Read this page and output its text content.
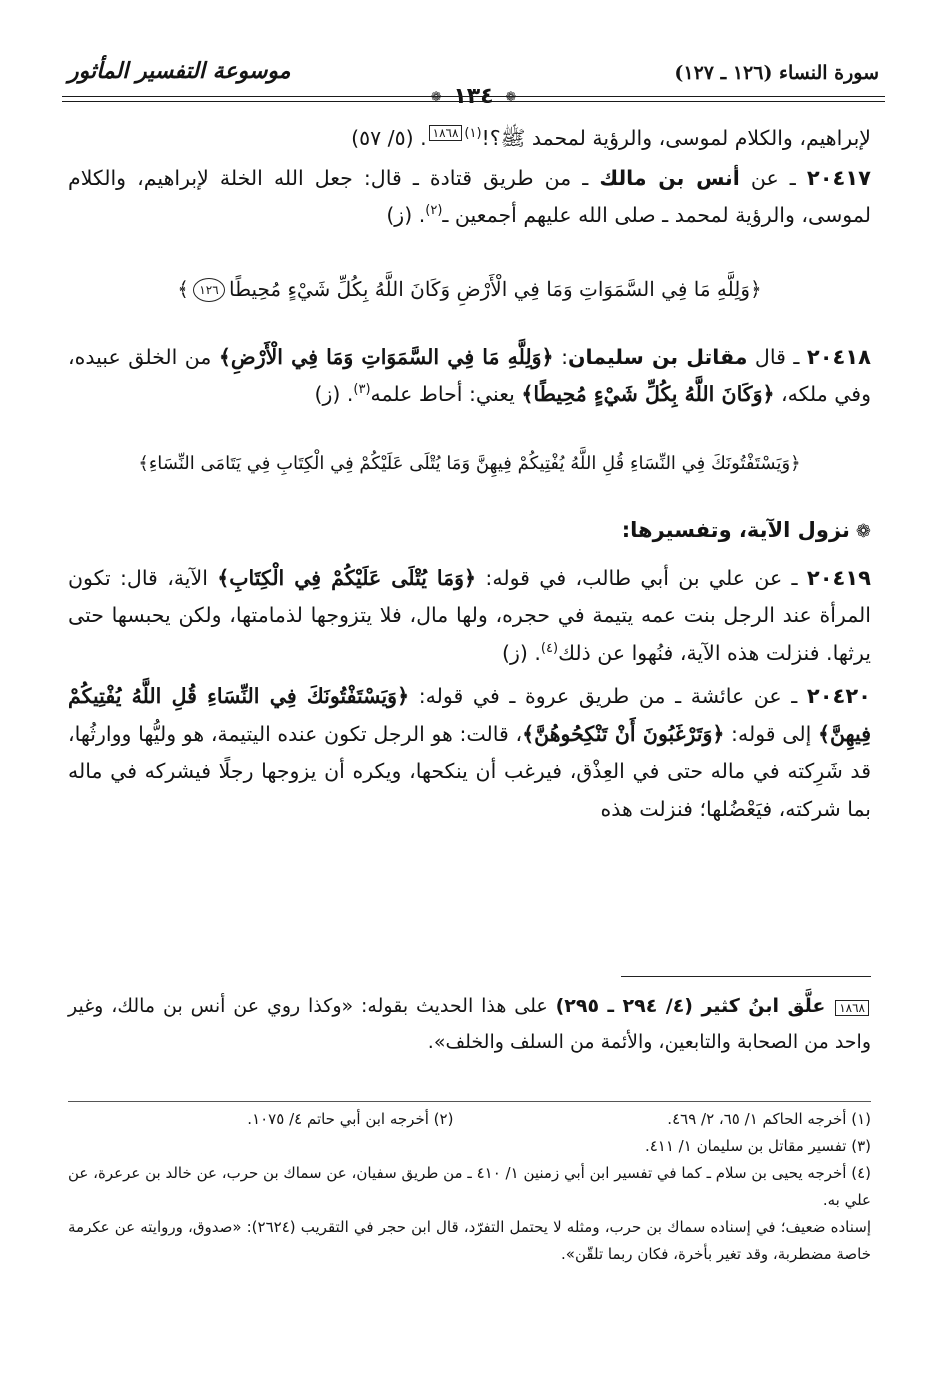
سورة النساء (١٢٦ ـ ١٢٧)
موسوعة التفسير المأثور
❁ ١٣٤ ❁

لإبراهيم، والكلام لموسى، والرؤية لمحمد ﷺ؟!$^{(١)}$١٨٦٨. (٥/ ٥٧)

٢٠٤١٧ ـ عن أنس بن مالك ـ من طريق قتادة ـ قال: جعل الله الخلة لإبراهيم، والكلام لموسى، والرؤية لمحمد ـ صلى الله عليهم أجمعين ـ$^{(٢)}$. (ز)

﴿وَلِلَّهِ مَا فِي السَّمَوَاتِ وَمَا فِي الْأَرْضِ وَكَانَ اللَّهُ بِكُلِّ شَيْءٍ مُحِيطًا١٢٦﴾

٢٠٤١٨ ـ قال مقاتل بن سليمان: ﴿وَلِلَّهِ مَا فِي السَّمَوَاتِ وَمَا فِي الْأَرْضِ﴾ من الخلق عبيده، وفي ملكه، ﴿وَكَانَ اللَّهُ بِكُلِّ شَيْءٍ مُحِيطًا﴾ يعني: أحاط علمه$^{(٣)}$. (ز)

﴿وَيَسْتَفْتُونَكَ فِي النِّسَاءِ قُلِ اللَّهُ يُفْتِيكُمْ فِيهِنَّ وَمَا يُتْلَى عَلَيْكُمْ فِي الْكِتَابِ فِي يَتَامَى النِّسَاءِ﴾

❁نزول الآية، وتفسيرها:

٢٠٤١٩ ـ عن علي بن أبي طالب، في قوله: ﴿وَمَا يُتْلَى عَلَيْكُمْ فِي الْكِتَابِ﴾ الآية، قال: تكون المرأة عند الرجل بنت عمه يتيمة في حجره، ولها مال، فلا يتزوجها لذمامتها، ولكن يحبسها حتى يرثها. فنزلت هذه الآية، فنُهوا عن ذلك$^{(٤)}$. (ز)

٢٠٤٢٠ ـ عن عائشة ـ من طريق عروة ـ في قوله: ﴿وَيَسْتَفْتُونَكَ فِي النِّسَاءِ قُلِ اللَّهُ يُفْتِيكُمْ فِيهِنَّ﴾ إلى قوله: ﴿وَتَرْغَبُونَ أَنْ تَنْكِحُوهُنَّ﴾، قالت: هو الرجل تكون عنده اليتيمة، هو وليُّها ووارثُها، قد شَرِكته في ماله حتى في العِذْق، فيرغب أن ينكحها، ويكره أن يزوجها رجلًا فيشركه في ماله بما شركته، فيَعْضُلها؛ فنزلت هذه

١٨٦٨ علَّق ابنُ كثير (٤/ ٢٩٤ ـ ٢٩٥) على هذا الحديث بقوله: «وكذا روي عن أنس بن مالك، وغير واحد من الصحابة والتابعين، والأئمة من السلف والخلف».

(١) أخرجه الحاكم ١/ ٦٥، ٢/ ٤٦٩.
(٢) أخرجه ابن أبي حاتم ٤/ ١٠٧٥.

(٣) تفسير مقاتل بن سليمان ١/ ٤١١.

(٤) أخرجه يحيى بن سلام ـ كما في تفسير ابن أبي زمنين ١/ ٤١٠ ـ من طريق سفيان، عن سماك بن حرب، عن خالد بن عرعرة، عن علي به.

إسناده ضعيف؛ في إسناده سماك بن حرب، ومثله لا يحتمل التفرّد، قال ابن حجر في التقريب (٢٦٢٤): «صدوق، وروايته عن عكرمة خاصة مضطربة، وقد تغير بأخرة، فكان ربما تلقّن».
